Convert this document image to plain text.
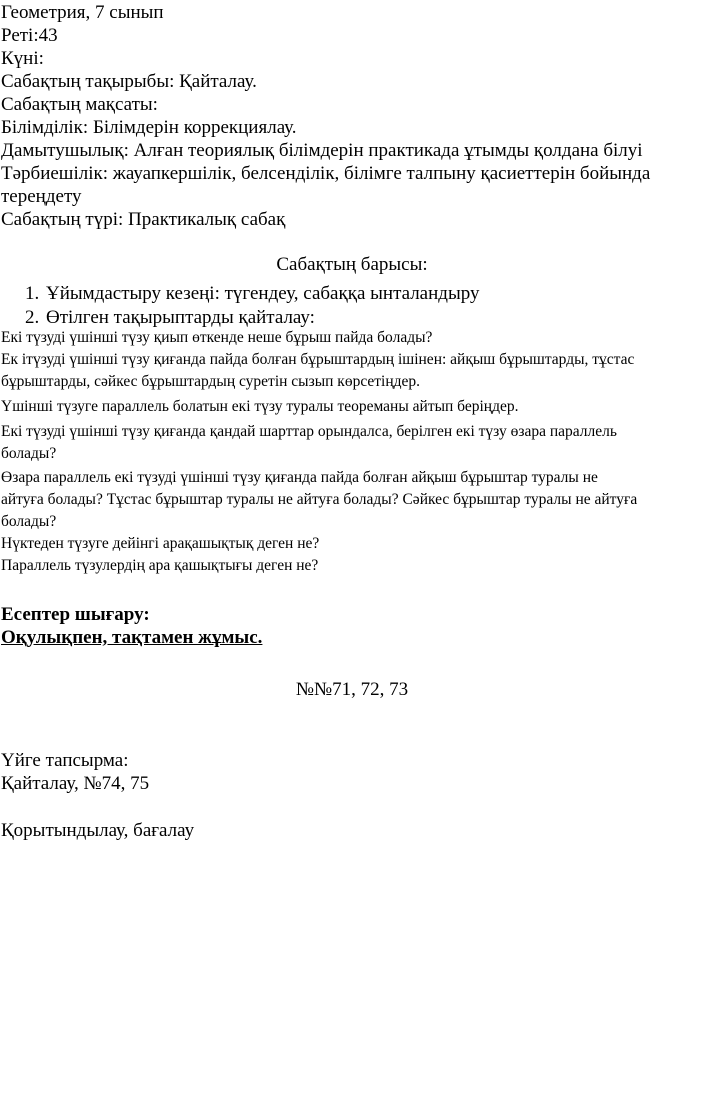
Геометрия, 7 сынып
Реті:43
Күні:
Сабақтың тақырыбы: Қайталау.
Сабақтың мақсаты:
Білімділік: Білімдерін коррекциялау.
Дамытушылық: Алған теориялық білімдерін практикада ұтымды қолдана білуі
Тәрбиешілік: жауапкершілік, белсенділік, білімге талпыну қасиеттерін бойында
тереңдету
Сабақтың түрі: Практикалық сабақ
Сабақтың барысы:
1. Ұйымдастыру кезеңі: түгендеу, сабаққа ынталандыру
2. Өтілген тақырыптарды қайталау:
Екі түзуді үшінші түзу қиып өткенде неше бұрыш пайда болады?
Ек ітүзуді үшінші түзу қиғанда пайда болған бұрыштардың ішінен: айқыш бұрыштарды, тұстас
бұрыштарды, сәйкес бұрыштардың суретін сызып көрсетіңдер.
Үшінші түзуге параллель болатын екі түзу туралы теореманы айтып беріңдер.
Екі түзуді үшінші түзу қиғанда қандай шарттар орындалса, берілген екі түзу өзара параллель
болады?
Өзара параллель екі түзуді үшінші түзу қиғанда пайда болған айқыш бұрыштар туралы не
айтуға болады? Тұстас бұрыштар туралы не айтуға болады? Сәйкес бұрыштар туралы не айтуға
болады?
Нүктеден түзуге дейінгі арақашықтық деген не?
Параллель түзулердің ара қашықтығы деген не?
Есептер шығару:
Оқулықпен, тақтамен жұмыс.
№№71, 72, 73
Үйге тапсырма:
Қайталау, №74, 75
Қорытындылау, бағалау
